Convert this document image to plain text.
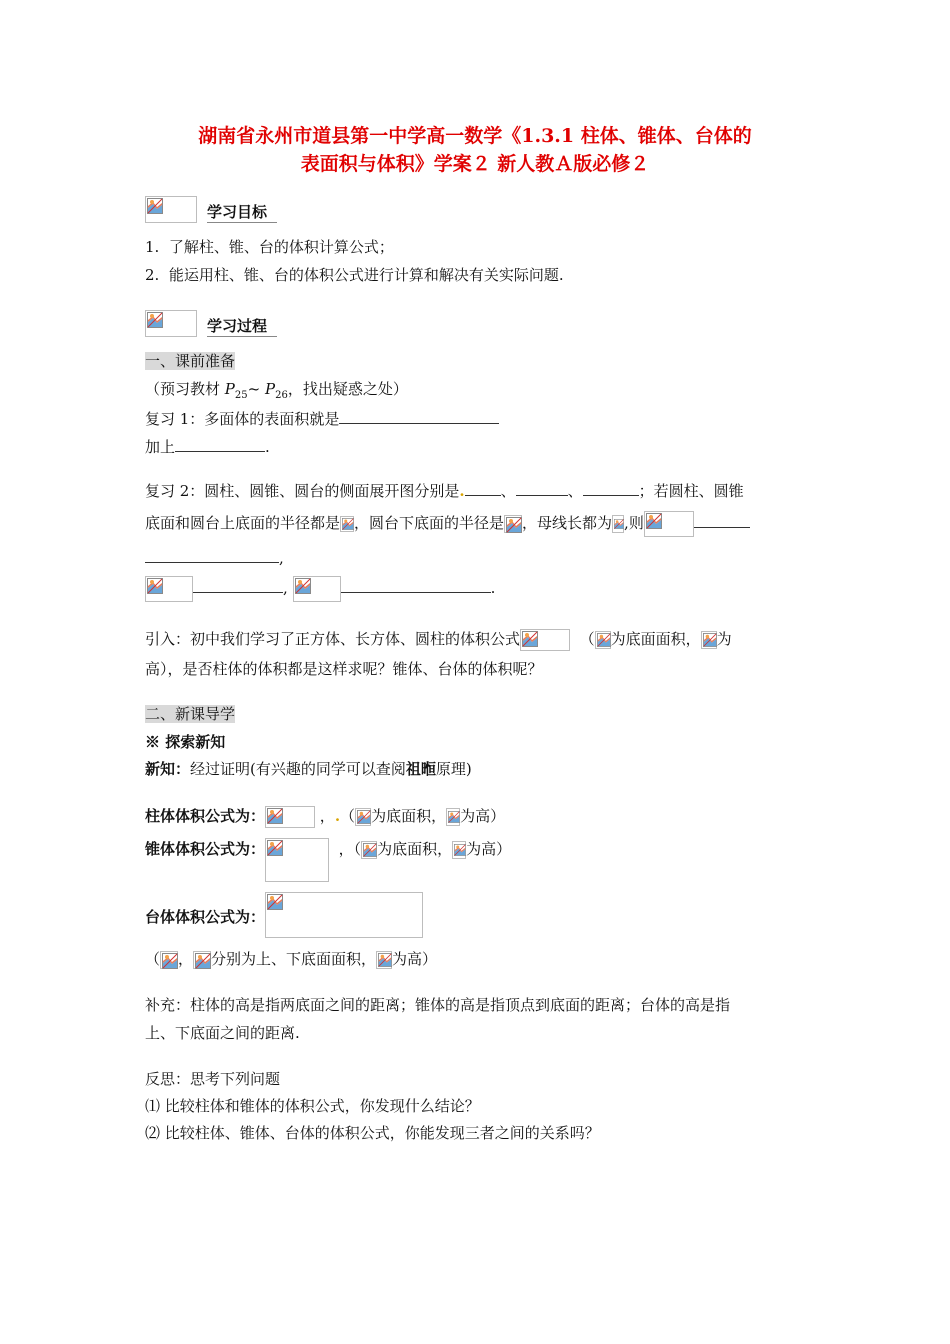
湖南省永州市道县第一中学高一数学《1.3.1 柱体、锥体、台体的
表面积与体积》学案２ 新人教Ａ版必修２
学习目标
1. 了解柱、锥、台的体积计算公式；
2. 能运用柱、锥、台的体积公式进行计算和解决有关实际问题.
学习过程
一、课前准备
（预习教材 $P_{25}\sim$ $P_{26}$，找出疑惑之处）
复习 1：多面体的表面积就是
加上	.
复习 2：圆柱、圆锥、圆台的侧面展开图分别是. 、	、	；若圆柱、圆锥
底面和圆台上底面的半径都是 ，圆台下底面的半径是 ，母线长都为 ,则
,
,	.
引入：初中我们学习了正方体、长方体、圆柱的体积公式	（ 为底面面积， 为
高），是否柱体的体积都是这样求呢？锥体、台体的体积呢？
二、新课导学
※ 探索新知
新知：经过证明(有兴趣的同学可以查阅祖暅原理)
柱体体积公式为：	，.（ 为底面积， 为高）
锥体体积公式为：	，（ 为底面积， 为高）
台体体积公式为：
（ ， 分别为上、下底面面积， 为高）
补充：柱体的高是指两底面之间的距离；锥体的高是指顶点到底面的距离；台体的高是指
上、下底面之间的距离.
反思：思考下列问题
⑴ 比较柱体和锥体的体积公式，你发现什么结论？
⑵ 比较柱体、锥体、台体的体积公式，你能发现三者之间的关系吗？
